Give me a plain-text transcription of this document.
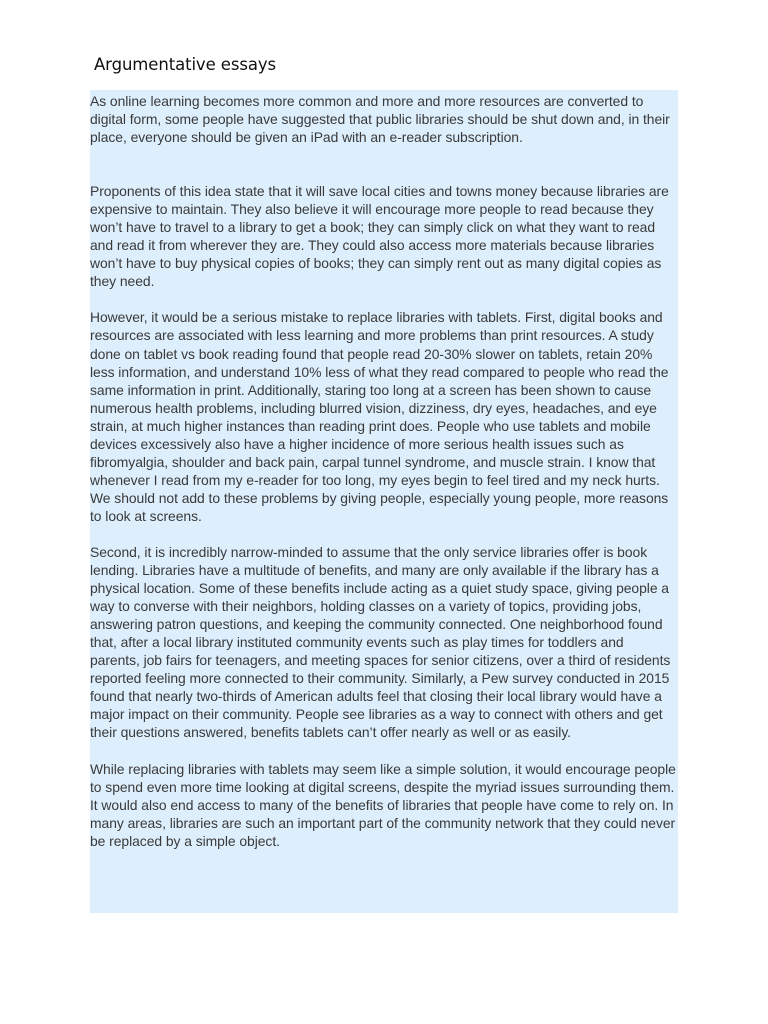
Argumentative essays

As online learning becomes more common and more and more resources are converted to digital form, some people have suggested that public libraries should be shut down and, in their place, everyone should be given an iPad with an e-reader subscription.

Proponents of this idea state that it will save local cities and towns money because libraries are expensive to maintain. They also believe it will encourage more people to read because they won’t have to travel to a library to get a book; they can simply click on what they want to read and read it from wherever they are. They could also access more materials because libraries won’t have to buy physical copies of books; they can simply rent out as many digital copies as they need.

However, it would be a serious mistake to replace libraries with tablets. First, digital books and resources are associated with less learning and more problems than print resources. A study done on tablet vs book reading found that people read 20-30% slower on tablets, retain 20% less information, and understand 10% less of what they read compared to people who read the same information in print. Additionally, staring too long at a screen has been shown to cause numerous health problems, including blurred vision, dizziness, dry eyes, headaches, and eye strain, at much higher instances than reading print does. People who use tablets and mobile devices excessively also have a higher incidence of more serious health issues such as fibromyalgia, shoulder and back pain, carpal tunnel syndrome, and muscle strain. I know that whenever I read from my e-reader for too long, my eyes begin to feel tired and my neck hurts. We should not add to these problems by giving people, especially young people, more reasons to look at screens.

Second, it is incredibly narrow-minded to assume that the only service libraries offer is book lending. Libraries have a multitude of benefits, and many are only available if the library has a physical location. Some of these benefits include acting as a quiet study space, giving people a way to converse with their neighbors, holding classes on a variety of topics, providing jobs, answering patron questions, and keeping the community connected. One neighborhood found that, after a local library instituted community events such as play times for toddlers and parents, job fairs for teenagers, and meeting spaces for senior citizens, over a third of residents reported feeling more connected to their community. Similarly, a Pew survey conducted in 2015 found that nearly two-thirds of American adults feel that closing their local library would have a major impact on their community. People see libraries as a way to connect with others and get their questions answered, benefits tablets can’t offer nearly as well or as easily.

While replacing libraries with tablets may seem like a simple solution, it would encourage people to spend even more time looking at digital screens, despite the myriad issues surrounding them. It would also end access to many of the benefits of libraries that people have come to rely on. In many areas, libraries are such an important part of the community network that they could never be replaced by a simple object.
